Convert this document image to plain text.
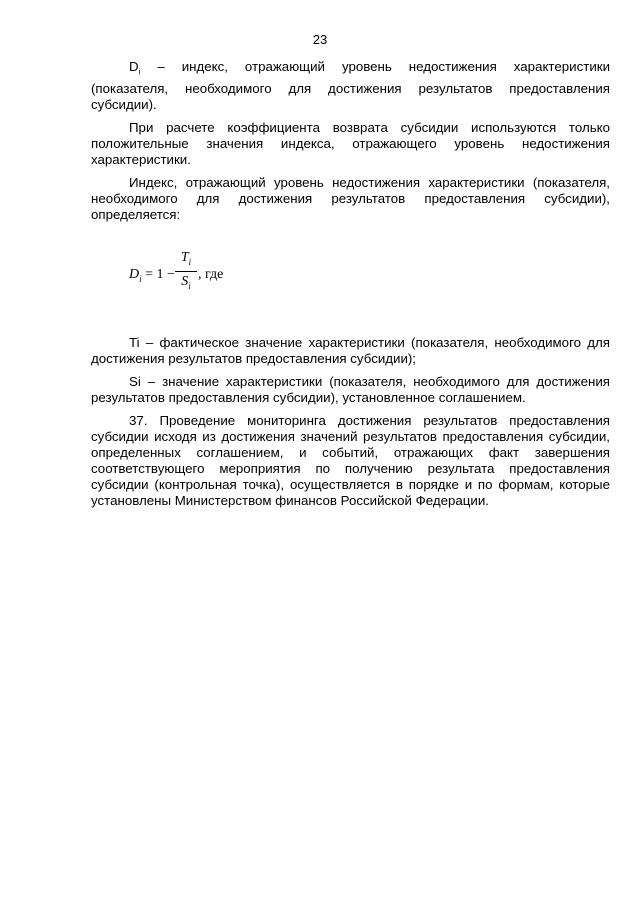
23

$D_i$ – индекс, отражающий уровень недостижения характеристики (показателя, необходимого для достижения результатов предоставления субсидии).

При расчете коэффициента возврата субсидии используются только положительные значения индекса, отражающего уровень недостижения характеристики.

Индекс, отражающий уровень недостижения характеристики (показателя, необходимого для достижения результатов предоставления субсидии), определяется:

$D_i = 1$ −
$T_i$
$S_i$
, где

Ti – фактическое значение характеристики (показателя, необходимого для достижения результатов предоставления субсидии);

Si – значение характеристики (показателя, необходимого для достижения результатов предоставления субсидии), установленное соглашением.

37. Проведение мониторинга достижения результатов предоставления субсидии исходя из достижения значений результатов предоставления субсидии, определенных соглашением, и событий, отражающих факт завершения соответствующего мероприятия по получению результата предоставления субсидии (контрольная точка), осуществляется в порядке и по формам, которые установлены Министерством финансов Российской Федерации.
